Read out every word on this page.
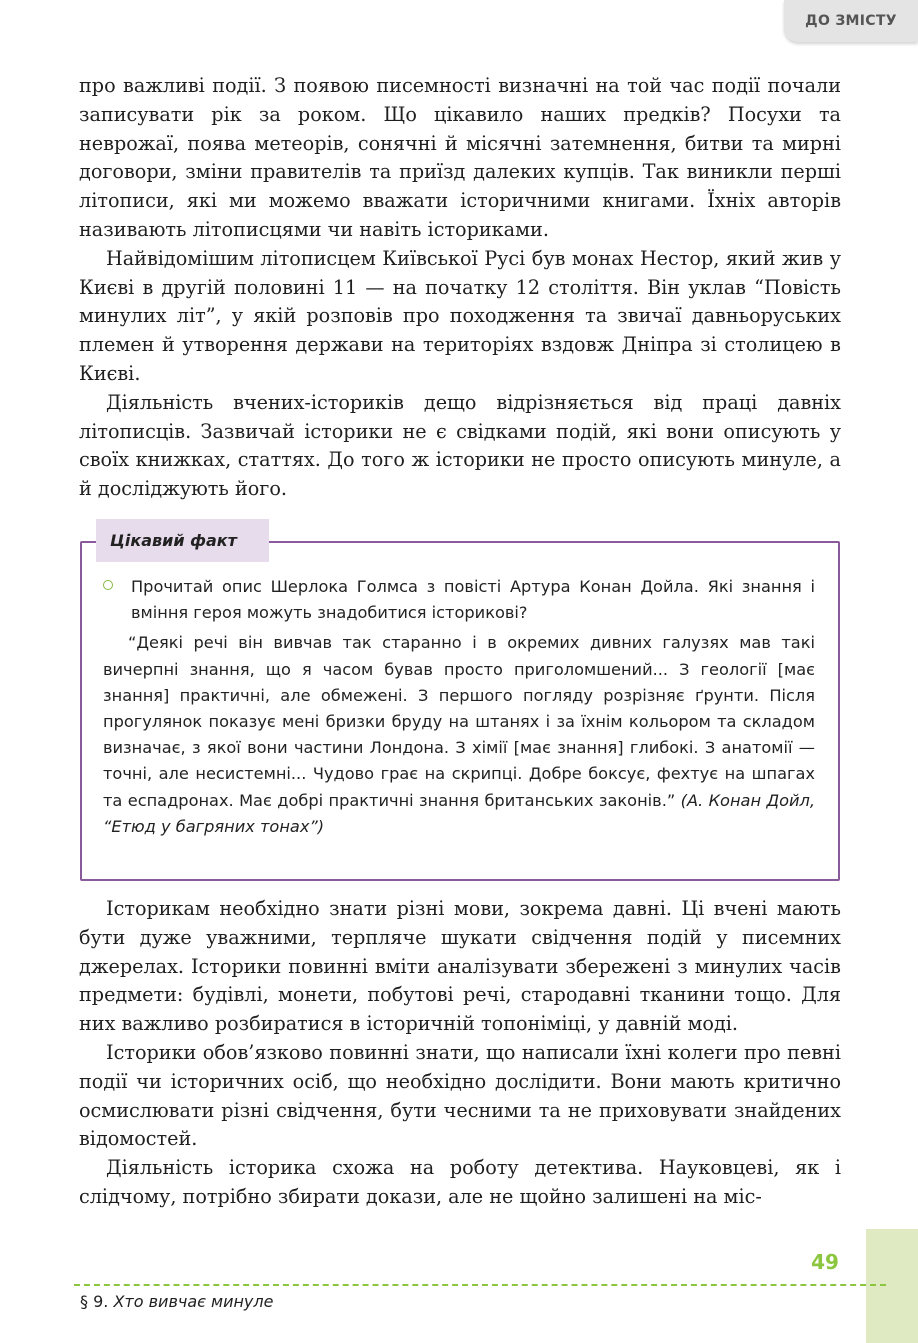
ДО ЗМІСТУ

про важливі події. З появою писемності визначні на той час події почали записувати рік за роком. Що цікавило наших предків? Посухи та неврожаї, поява метеорів, сонячні й місячні затемнення, битви та мирні договори, зміни правителів та приїзд далеких купців. Так виникли перші літописи, які ми можемо вважати історичними книгами. Їхніх авторів називають літописцями чи навіть істориками.

Найвідомішим літописцем Київської Русі був монах Нестор, який жив у Києві в другій половині 11 — на початку 12 століття. Він уклав “Повість минулих літ”, у якій розповів про походження та звичаї давньоруських племен й утворення держави на територіях вздовж Дніпра зі столицею в Києві.

Діяльність вчених-істориків дещо відрізняється від праці давніх літописців. Зазвичай історики не є свідками подій, які вони описують у своїх книжках, статтях. До того ж історики не просто описують минуле, а й досліджують його.

Цікавий факт

Прочитай опис Шерлока Голмса з повісті Артура Конан Дойла. Які знання і вміння героя можуть знадобитися історикові?

“Деякі речі він вивчав так старанно і в окремих дивних галузях мав такі вичерпні знання, що я часом бував просто приголомшений... З геології [має знання] практичні, але обмежені. З першого погляду розрізняє ґрунти. Після прогулянок показує мені бризки бруду на штанях і за їхнім кольором та складом визначає, з якої вони частини Лондона. З хімії [має знання] глибокі. З анатомії — точні, але несистемні... Чудово грає на скрипці. Добре боксує, фехтує на шпагах та еспадронах. Має добрі практичні знання британських законів.” (А. Конан Дойл, “Етюд у багряних тонах”)

Історикам необхідно знати різні мови, зокрема давні. Ці вчені мають бути дуже уважними, терпляче шукати свідчення подій у писемних джерелах. Історики повинні вміти аналізувати збережені з минулих часів предмети: будівлі, монети, побутові речі, стародавні тканини тощо. Для них важливо розбиратися в історичній топоніміці, у давній моді.

Історики обов’язково повинні знати, що написали їхні колеги про певні події чи історичних осіб, що необхідно дослідити. Вони мають критично осмислювати різні свідчення, бути чесними та не приховувати знайдених відомостей.

Діяльність історика схожа на роботу детектива. Науковцеві, як і слідчому, потрібно збирати докази, але не щойно залишені на міс-

49
§ 9. Хто вивчає минуле
